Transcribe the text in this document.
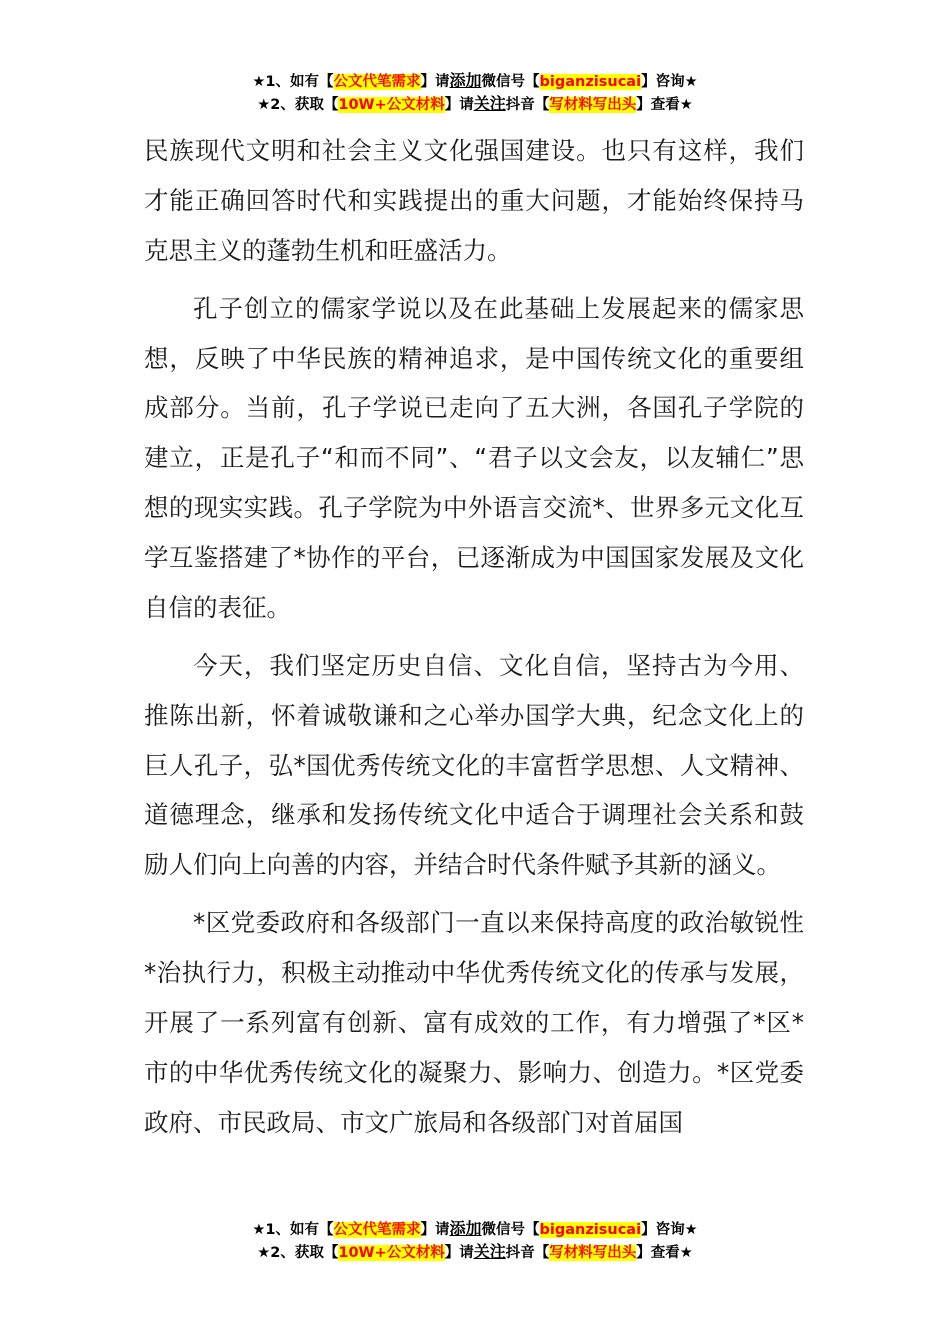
★1、如有【公文代笔需求】请添加微信号【biganzisucai】咨询★
★2、获取【10W+公文材料】请关注抖音【写材料写出头】查看★

民族现代文明和社会主义文化强国建设。也只有这样，我们才能正确回答时代和实践提出的重大问题，才能始终保持马克思主义的蓬勃生机和旺盛活力。

孔子创立的儒家学说以及在此基础上发展起来的儒家思想，反映了中华民族的精神追求，是中国传统文化的重要组成部分。当前，孔子学说已走向了五大洲，各国孔子学院的建立，正是孔子“和而不同”、“君子以文会友，以友辅仁”思想的现实实践。孔子学院为中外语言交流*、世界多元文化互学互鉴搭建了*协作的平台，已逐渐成为中国国家发展及文化自信的表征。

今天，我们坚定历史自信、文化自信，坚持古为今用、推陈出新，怀着诚敬谦和之心举办国学大典，纪念文化上的巨人孔子，弘*国优秀传统文化的丰富哲学思想、人文精神、道德理念，继承和发扬传统文化中适合于调理社会关系和鼓励人们向上向善的内容，并结合时代条件赋予其新的涵义。

*区党委政府和各级部门一直以来保持高度的政治敏锐性*治执行力，积极主动推动中华优秀传统文化的传承与发展，开展了一系列富有创新、富有成效的工作，有力增强了*区*市的中华优秀传统文化的凝聚力、影响力、创造力。*区党委政府、市民政局、市文广旅局和各级部门对首届国

★1、如有【公文代笔需求】请添加微信号【biganzisucai】咨询★
★2、获取【10W+公文材料】请关注抖音【写材料写出头】查看★
